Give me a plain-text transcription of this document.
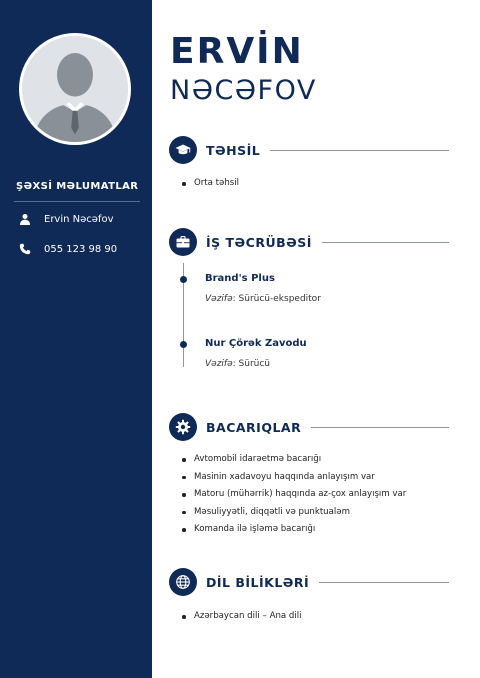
ŞƏXSİ MƏLUMATLAR
Ervin Nəcəfov
055 123 98 90
ERVİN
NƏCƏFOV
TƏHSİL
Orta təhsil
İŞ TƏCRÜBƏSİ
Brand's Plus
Vəzifə: Sürücü-ekspeditor
Nur Çörək Zavodu
Vəzifə: Sürücü
BACARIQLAR
Avtomobil idarəetmə bacarığı
Masinin xadavoyu haqqında anlayışım var
Matoru (mühərrik) haqqında az-çox anlayışım var
Məsuliyyətli, diqqətli və punktualəm
Komanda ilə işləmə bacarığı
DİL BİLİKLƏRİ
Azərbaycan dili – Ana dili
